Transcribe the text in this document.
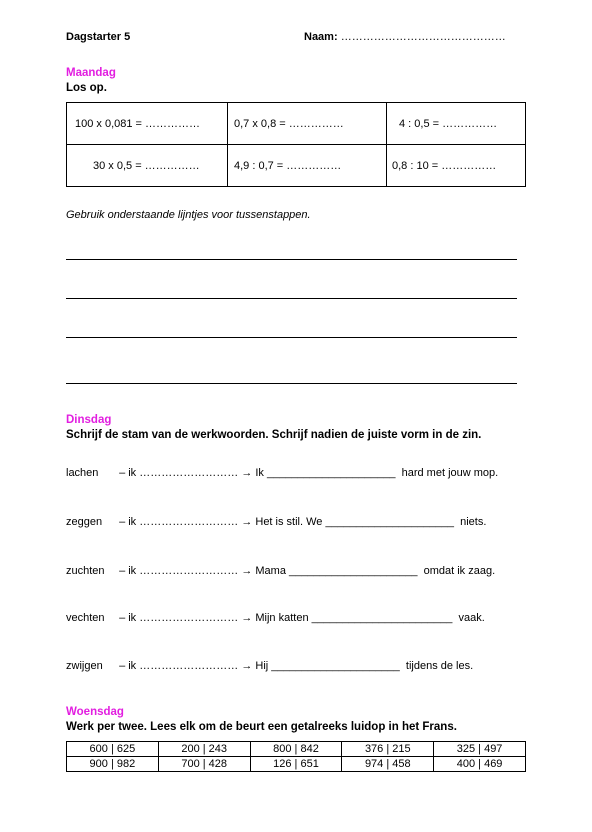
Dagstarter 5	Naam: ………………………………………
Maandag
Los op.
100 x 0,081 = ……………	0,7 x 0,8 = ……………	4 : 0,5 = ……………
30 x 0,5 = ……………	4,9 : 0,7 = ……………	0,8 : 10 = ……………
Gebruik onderstaande lijntjes voor tussenstappen.
Dinsdag
Schrijf de stam van de werkwoorden. Schrijf nadien de juiste vorm in de zin.
lachen – ik ……………………… → Ik _____________________ hard met jouw mop.
zeggen – ik ……………………… → Het is stil. We _____________________ niets.
zuchten – ik ……………………… → Mama _____________________ omdat ik zaag.
vechten – ik ……………………… → Mijn katten _______________________ vaak.
zwijgen – ik ……………………… → Hij _____________________ tijdens de les.
Woensdag
Werk per twee. Lees elk om de beurt een getalreeks luidop in het Frans.
600 | 625	200 | 243	800 | 842	376 | 215	325 | 497
900 | 982	700 | 428	126 | 651	974 | 458	400 | 469
